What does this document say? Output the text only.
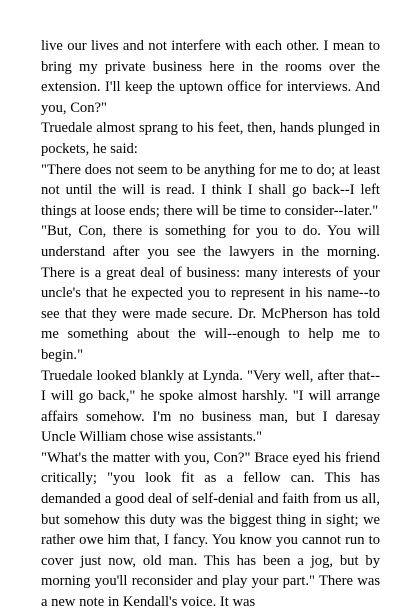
live our lives and not interfere with each other. I mean to bring my private business here in the rooms over the extension. I'll keep the uptown office for interviews. And you, Con?"

Truedale almost sprang to his feet, then, hands plunged in pockets, he said:

"There does not seem to be anything for me to do; at least not until the will is read. I think I shall go back--I left things at loose ends; there will be time to consider--later."

"But, Con, there is something for you to do. You will understand after you see the lawyers in the morning. There is a great deal of business: many interests of your uncle's that he expected you to represent in his name--to see that they were made secure. Dr. McPherson has told me something about the will--enough to help me to begin."

Truedale looked blankly at Lynda. "Very well, after that--I will go back," he spoke almost harshly. "I will arrange affairs somehow. I'm no business man, but I daresay Uncle William chose wise assistants."

"What's the matter with you, Con?" Brace eyed his friend critically; "you look fit as a fellow can. This has demanded a good deal of self-denial and faith from us all, but somehow this duty was the biggest thing in sight; we rather owe him that, I fancy. You know you cannot run to cover just now, old man. This has been a jog, but by morning you'll reconsider and play your part." There was a new note in Kendall's voice. It was
